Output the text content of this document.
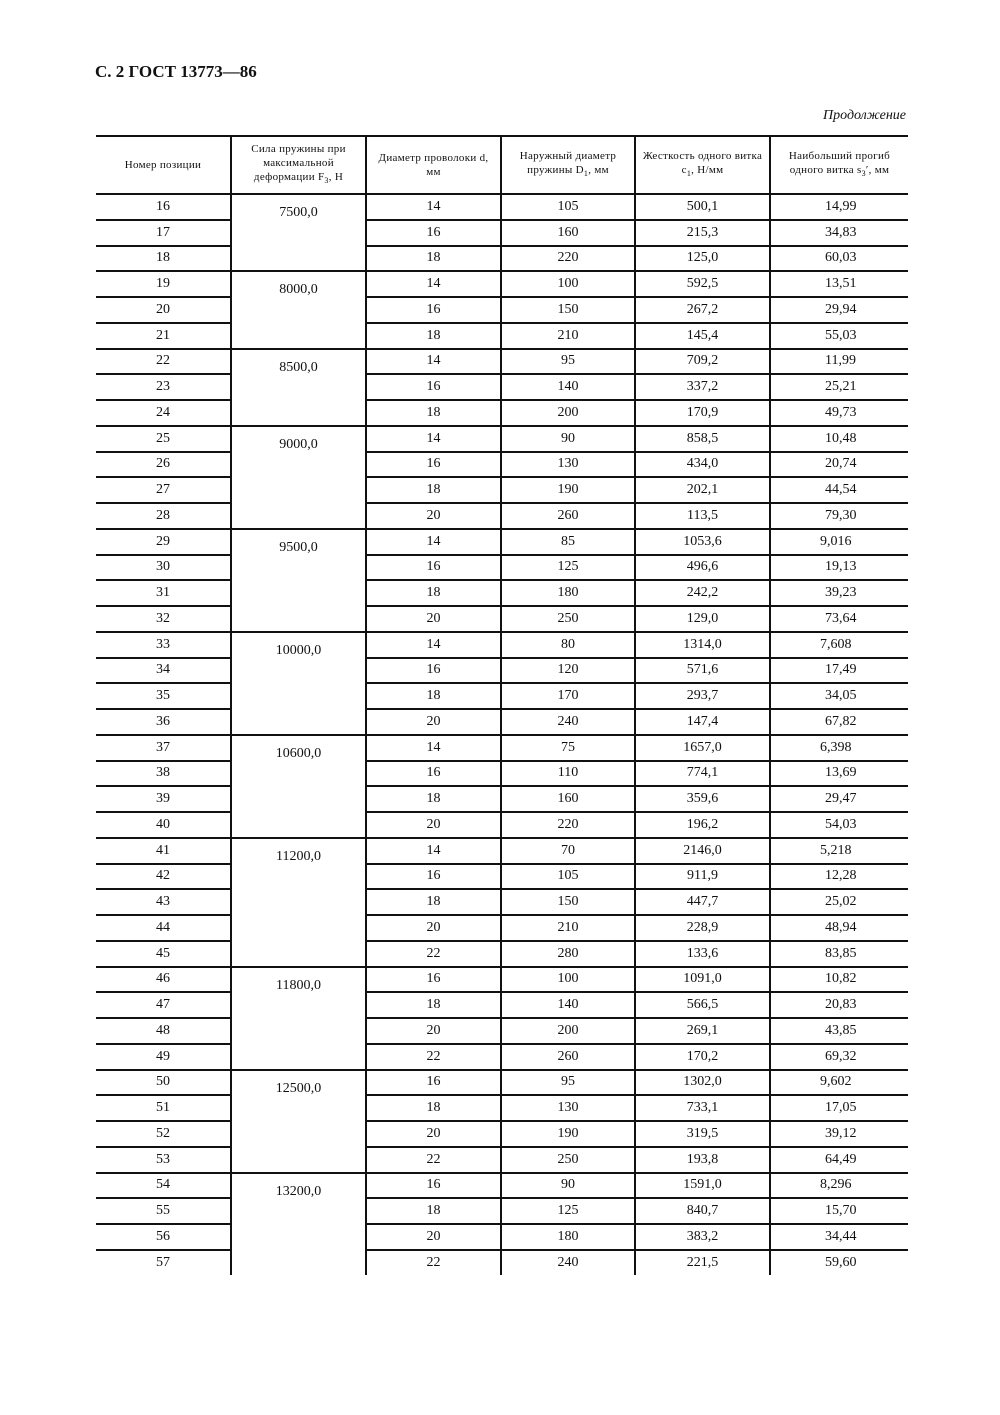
С. 2 ГОСТ 13773—86
Продолжение
Номер позиции	Сила пружины при максимальной деформации $F_3$, Н	Диаметр проволоки d, мм	Наружный диаметр пружины $D_1$, мм	Жесткость одного витка $c_1$, Н/мм	Наибольший прогиб одного витка $s_3'$, мм
16	7500,0	14	105	500,1	14,99
17		16	160	215,3	34,83
18		18	220	125,0	60,03
19	8000,0	14	100	592,5	13,51
20		16	150	267,2	29,94
21		18	210	145,4	55,03
22	8500,0	14	95	709,2	11,99
23		16	140	337,2	25,21
24		18	200	170,9	49,73
25	9000,0	14	90	858,5	10,48
26		16	130	434,0	20,74
27		18	190	202,1	44,54
28		20	260	113,5	79,30
29	9500,0	14	85	1053,6	9,016
30		16	125	496,6	19,13
31		18	180	242,2	39,23
32		20	250	129,0	73,64
33	10000,0	14	80	1314,0	7,608
34		16	120	571,6	17,49
35		18	170	293,7	34,05
36		20	240	147,4	67,82
37	10600,0	14	75	1657,0	6,398
38		16	110	774,1	13,69
39		18	160	359,6	29,47
40		20	220	196,2	54,03
41	11200,0	14	70	2146,0	5,218
42		16	105	911,9	12,28
43		18	150	447,7	25,02
44		20	210	228,9	48,94
45		22	280	133,6	83,85
46	11800,0	16	100	1091,0	10,82
47		18	140	566,5	20,83
48		20	200	269,1	43,85
49		22	260	170,2	69,32
50	12500,0	16	95	1302,0	9,602
51		18	130	733,1	17,05
52		20	190	319,5	39,12
53		22	250	193,8	64,49
54	13200,0	16	90	1591,0	8,296
55		18	125	840,7	15,70
56		20	180	383,2	34,44
57		22	240	221,5	59,60
